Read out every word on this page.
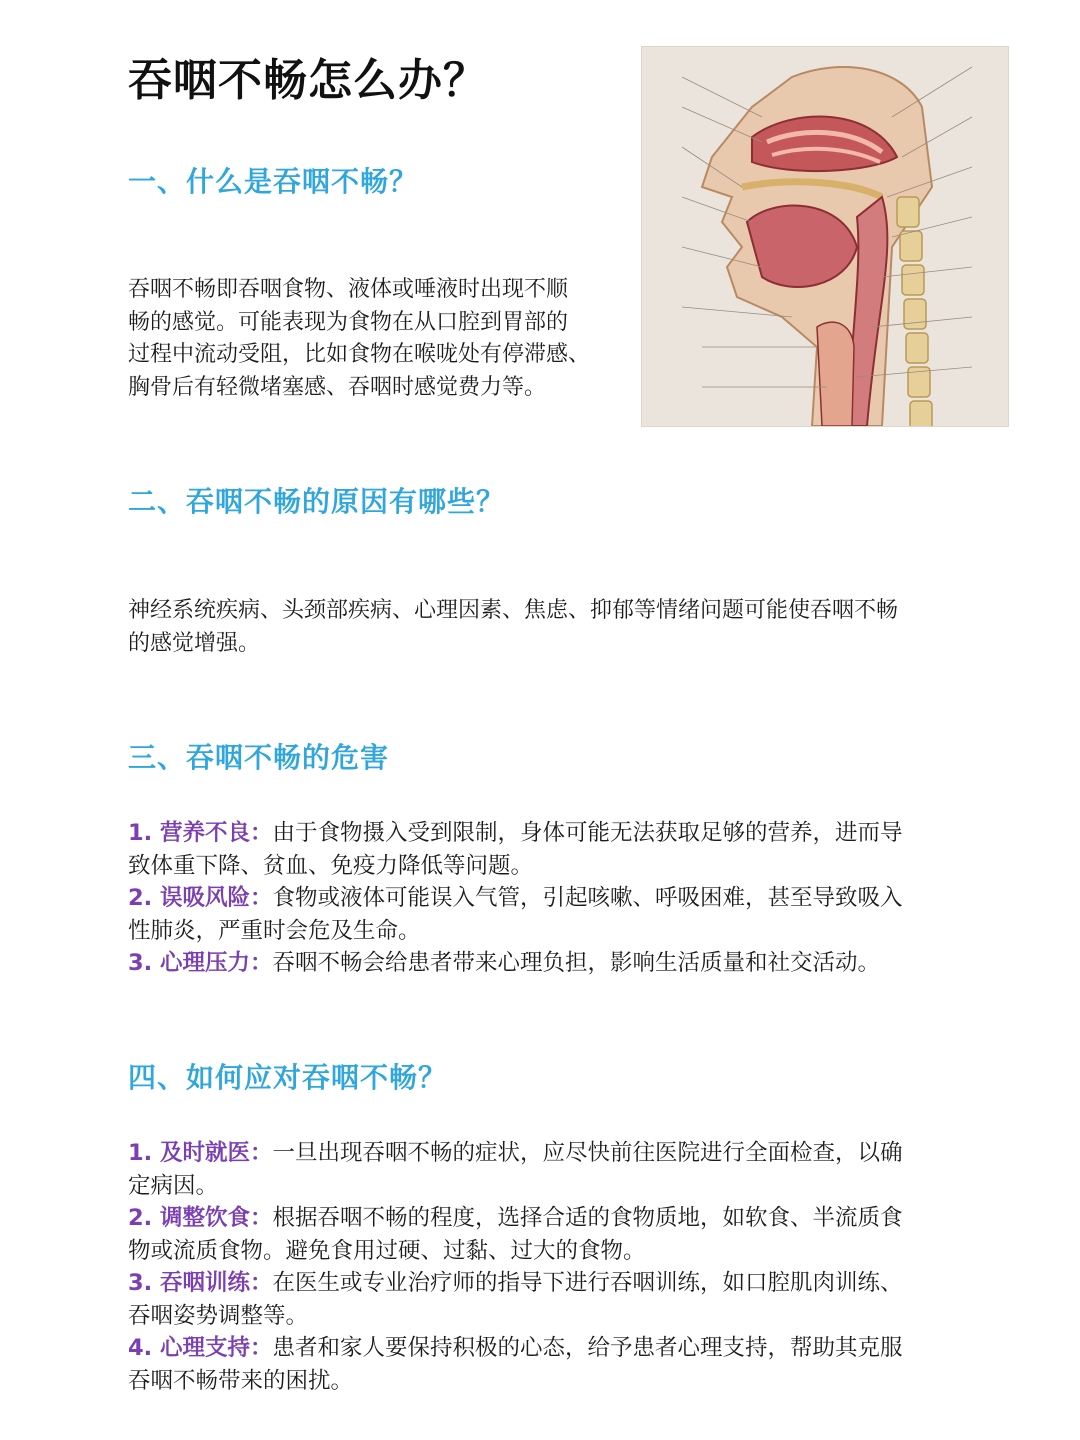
吞咽不畅怎么办？
一、什么是吞咽不畅？
吞咽不畅即吞咽食物、液体或唾液时出现不顺
畅的感觉。可能表现为食物在从口腔到胃部的
过程中流动受阻，比如食物在喉咙处有停滞感、
胸骨后有轻微堵塞感、吞咽时感觉费力等。
二、吞咽不畅的原因有哪些？
神经系统疾病、头颈部疾病、心理因素、焦虑、抑郁等情绪问题可能使吞咽不畅
的感觉增强。
三、吞咽不畅的危害
1. 营养不良：由于食物摄入受到限制，身体可能无法获取足够的营养，进而导
致体重下降、贫血、免疫力降低等问题。
2. 误吸风险：食物或液体可能误入气管，引起咳嗽、呼吸困难，甚至导致吸入
性肺炎，严重时会危及生命。
3. 心理压力：吞咽不畅会给患者带来心理负担，影响生活质量和社交活动。
四、如何应对吞咽不畅？
1. 及时就医：一旦出现吞咽不畅的症状，应尽快前往医院进行全面检查，以确
定病因。
2. 调整饮食：根据吞咽不畅的程度，选择合适的食物质地，如软食、半流质食
物或流质食物。避免食用过硬、过黏、过大的食物。
3. 吞咽训练：在医生或专业治疗师的指导下进行吞咽训练，如口腔肌肉训练、
吞咽姿势调整等。
4. 心理支持：患者和家人要保持积极的心态，给予患者心理支持，帮助其克服
吞咽不畅带来的困扰。
